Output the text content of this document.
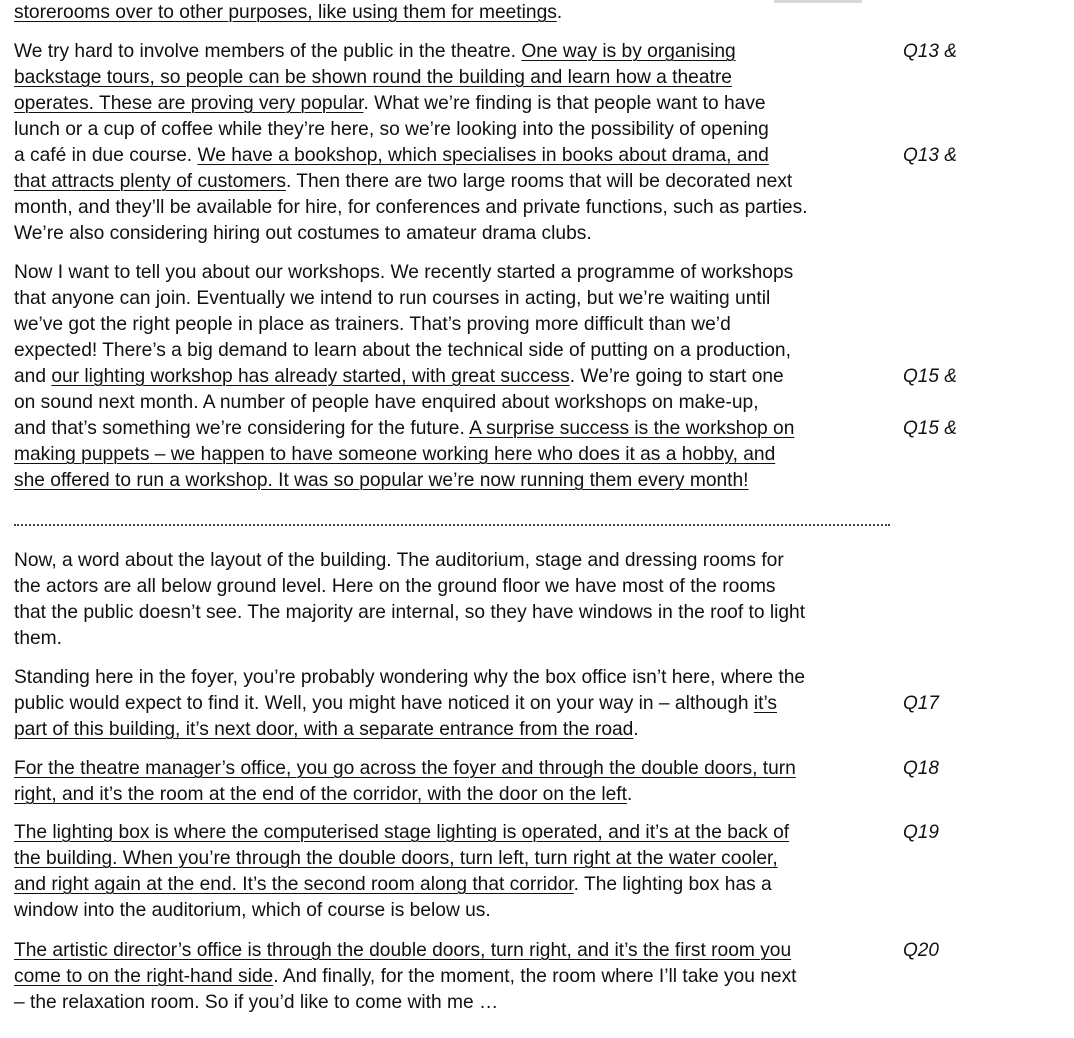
storerooms over to other purposes, like using them for meetings.
We try hard to involve members of the public in the theatre. One way is by organising
backstage tours, so people can be shown round the building and learn how a theatre
operates. These are proving very popular. What we’re finding is that people want to have
lunch or a cup of coffee while they’re here, so we’re looking into the possibility of opening
a café in due course. We have a bookshop, which specialises in books about drama, and
that attracts plenty of customers. Then there are two large rooms that will be decorated next
month, and they’ll be available for hire, for conferences and private functions, such as parties.
We’re also considering hiring out costumes to amateur drama clubs.
Now I want to tell you about our workshops. We recently started a programme of workshops
that anyone can join. Eventually we intend to run courses in acting, but we’re waiting until
we’ve got the right people in place as trainers. That’s proving more difficult than we’d
expected! There’s a big demand to learn about the technical side of putting on a production,
and our lighting workshop has already started, with great success. We’re going to start one
on sound next month. A number of people have enquired about workshops on make-up,
and that’s something we’re considering for the future. A surprise success is the workshop on
making puppets – we happen to have someone working here who does it as a hobby, and
she offered to run a workshop. It was so popular we’re now running them every month!
Now, a word about the layout of the building. The auditorium, stage and dressing rooms for
the actors are all below ground level. Here on the ground floor we have most of the rooms
that the public doesn’t see. The majority are internal, so they have windows in the roof to light
them.
Standing here in the foyer, you’re probably wondering why the box office isn’t here, where the
public would expect to find it. Well, you might have noticed it on your way in – although it’s
part of this building, it’s next door, with a separate entrance from the road.
For the theatre manager’s office, you go across the foyer and through the double doors, turn
right, and it’s the room at the end of the corridor, with the door on the left.
The lighting box is where the computerised stage lighting is operated, and it’s at the back of
the building. When you’re through the double doors, turn left, turn right at the water cooler,
and right again at the end. It’s the second room along that corridor. The lighting box has a
window into the auditorium, which of course is below us.
The artistic director’s office is through the double doors, turn right, and it’s the first room you
come to on the right-hand side. And finally, for the moment, the room where I’ll take you next
– the relaxation room. So if you’d like to come with me …
Q13 &
Q13 &
Q15 &
Q15 &
Q17
Q18
Q19
Q20
